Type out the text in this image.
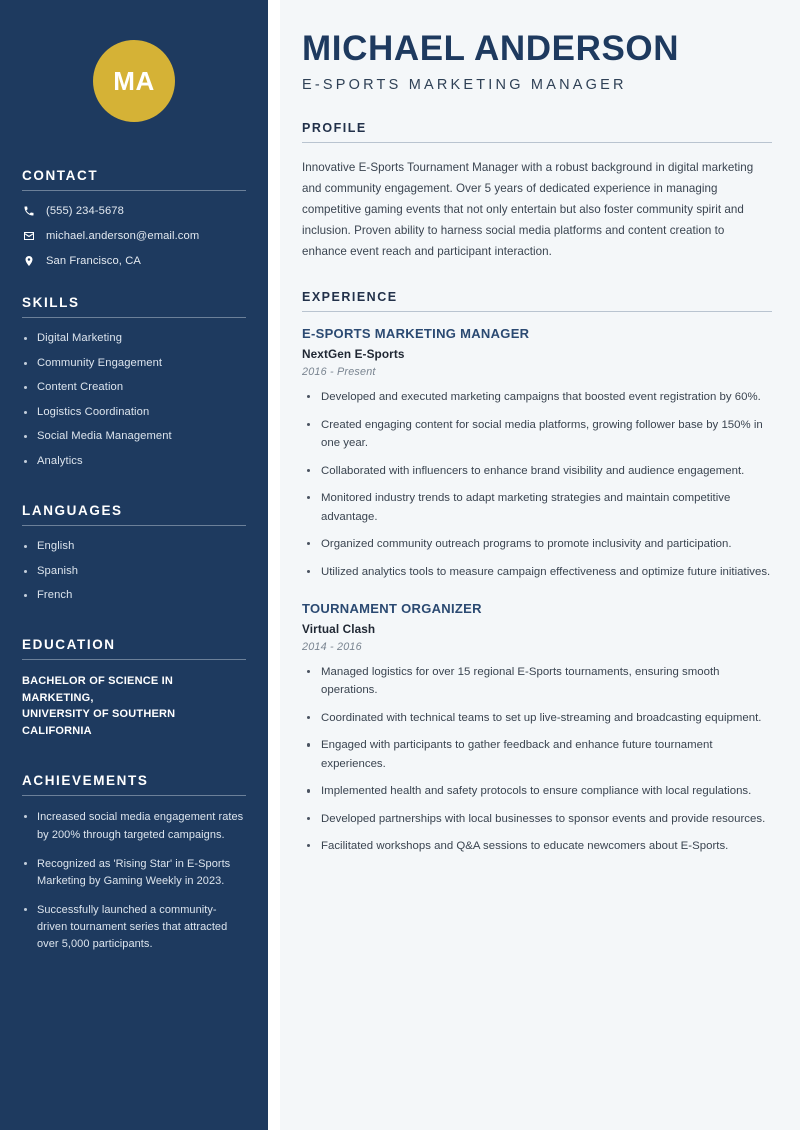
MA
CONTACT
(555) 234-5678
michael.anderson@email.com
San Francisco, CA
SKILLS
Digital Marketing
Community Engagement
Content Creation
Logistics Coordination
Social Media Management
Analytics
LANGUAGES
English
Spanish
French
EDUCATION
BACHELOR OF SCIENCE IN MARKETING,
UNIVERSITY OF SOUTHERN CALIFORNIA
ACHIEVEMENTS
Increased social media engagement rates by 200% through targeted campaigns.
Recognized as 'Rising Star' in E-Sports Marketing by Gaming Weekly in 2023.
Successfully launched a community-driven tournament series that attracted over 5,000 participants.
MICHAEL ANDERSON
E-SPORTS MARKETING MANAGER
PROFILE

Innovative E-Sports Tournament Manager with a robust background in digital marketing and community engagement. Over 5 years of dedicated experience in managing competitive gaming events that not only entertain but also foster community spirit and inclusion. Proven ability to harness social media platforms and content creation to enhance event reach and participant interaction.

EXPERIENCE
E-SPORTS MARKETING MANAGER
NextGen E-Sports
2016 - Present
Developed and executed marketing campaigns that boosted event registration by 60%.
Created engaging content for social media platforms, growing follower base by 150% in one year.
Collaborated with influencers to enhance brand visibility and audience engagement.
Monitored industry trends to adapt marketing strategies and maintain competitive advantage.
Organized community outreach programs to promote inclusivity and participation.
Utilized analytics tools to measure campaign effectiveness and optimize future initiatives.
TOURNAMENT ORGANIZER
Virtual Clash
2014 - 2016
Managed logistics for over 15 regional E-Sports tournaments, ensuring smooth operations.
Coordinated with technical teams to set up live-streaming and broadcasting equipment.
Engaged with participants to gather feedback and enhance future tournament experiences.
Implemented health and safety protocols to ensure compliance with local regulations.
Developed partnerships with local businesses to sponsor events and provide resources.
Facilitated workshops and Q&A sessions to educate newcomers about E-Sports.
